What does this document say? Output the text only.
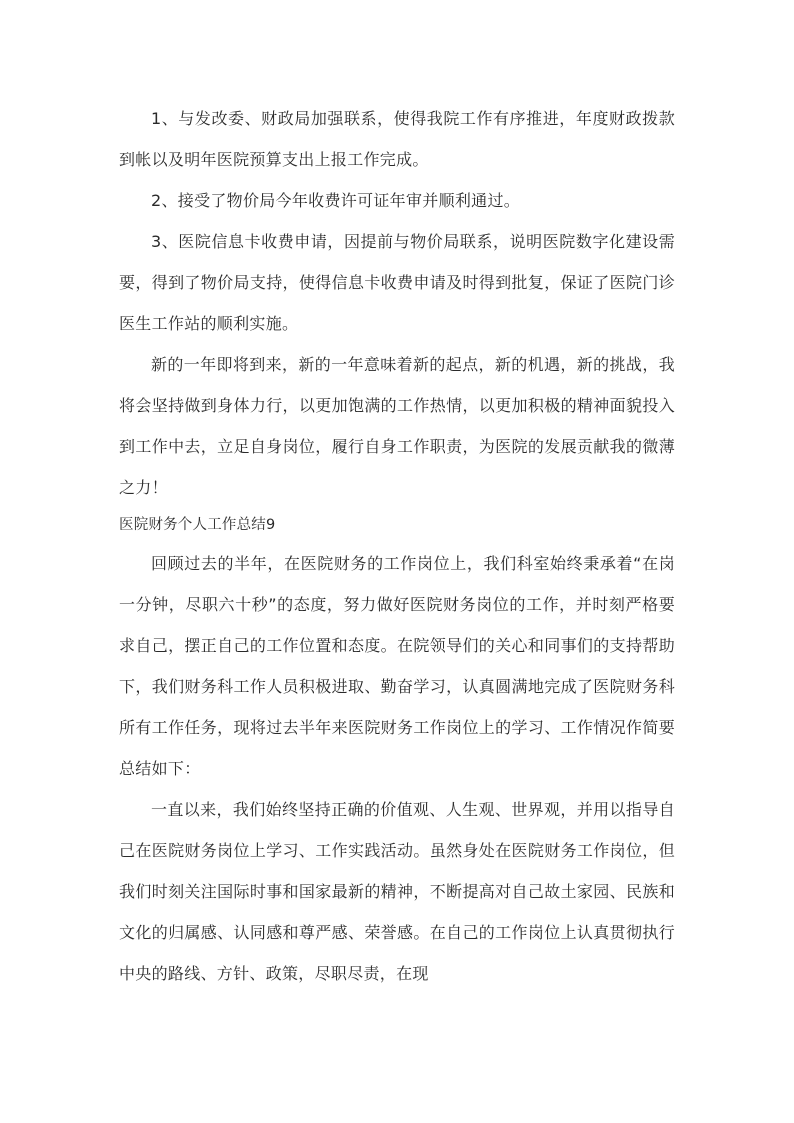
1、与发改委、财政局加强联系，使得我院工作有序推进，年度财政拨款到帐以及明年医院预算支出上报工作完成。

2、接受了物价局今年收费许可证年审并顺利通过。

3、医院信息卡收费申请，因提前与物价局联系，说明医院数字化建设需要，得到了物价局支持，使得信息卡收费申请及时得到批复，保证了医院门诊医生工作站的顺利实施。

新的一年即将到来，新的一年意味着新的起点，新的机遇，新的挑战，我将会坚持做到身体力行，以更加饱满的工作热情，以更加积极的精神面貌投入到工作中去，立足自身岗位，履行自身工作职责，为医院的发展贡献我的微薄之力！

医院财务个人工作总结9

回顾过去的半年，在医院财务的工作岗位上，我们科室始终秉承着“在岗一分钟，尽职六十秒”的态度，努力做好医院财务岗位的工作，并时刻严格要求自己，摆正自己的工作位置和态度。在院领导们的关心和同事们的支持帮助下，我们财务科工作人员积极进取、勤奋学习，认真圆满地完成了医院财务科所有工作任务，现将过去半年来医院财务工作岗位上的学习、工作情况作简要总结如下：

一直以来，我们始终坚持正确的价值观、人生观、世界观，并用以指导自己在医院财务岗位上学习、工作实践活动。虽然身处在医院财务工作岗位，但我们时刻关注国际时事和国家最新的精神，不断提高对自己故土家园、民族和文化的归属感、认同感和尊严感、荣誉感。在自己的工作岗位上认真贯彻执行中央的路线、方针、政策，尽职尽责，在现
